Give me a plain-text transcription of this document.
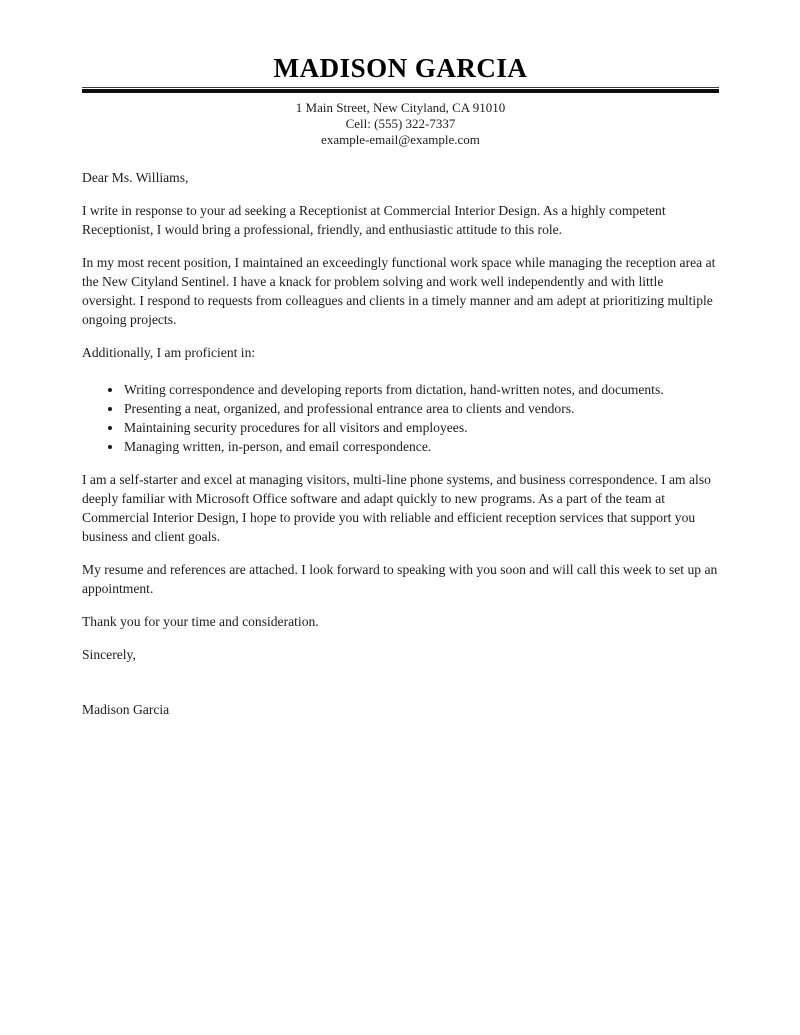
MADISON GARCIA
1 Main Street, New Cityland, CA 91010
Cell: (555) 322-7337
example-email@example.com

Dear Ms. Williams,

I write in response to your ad seeking a Receptionist at Commercial Interior Design. As a highly competent Receptionist, I would bring a professional, friendly, and enthusiastic attitude to this role.

In my most recent position, I maintained an exceedingly functional work space while managing the reception area at the New Cityland Sentinel. I have a knack for problem solving and work well independently and with little oversight. I respond to requests from colleagues and clients in a timely manner and am adept at prioritizing multiple ongoing projects.

Additionally, I am proficient in:

• Writing correspondence and developing reports from dictation, hand-written notes, and documents.
• Presenting a neat, organized, and professional entrance area to clients and vendors.
• Maintaining security procedures for all visitors and employees.
• Managing written, in-person, and email correspondence.

I am a self-starter and excel at managing visitors, multi-line phone systems, and business correspondence. I am also deeply familiar with Microsoft Office software and adapt quickly to new programs. As a part of the team at Commercial Interior Design, I hope to provide you with reliable and efficient reception services that support you business and client goals.

My resume and references are attached. I look forward to speaking with you soon and will call this week to set up an appointment.

Thank you for your time and consideration.

Sincerely,

Madison Garcia
